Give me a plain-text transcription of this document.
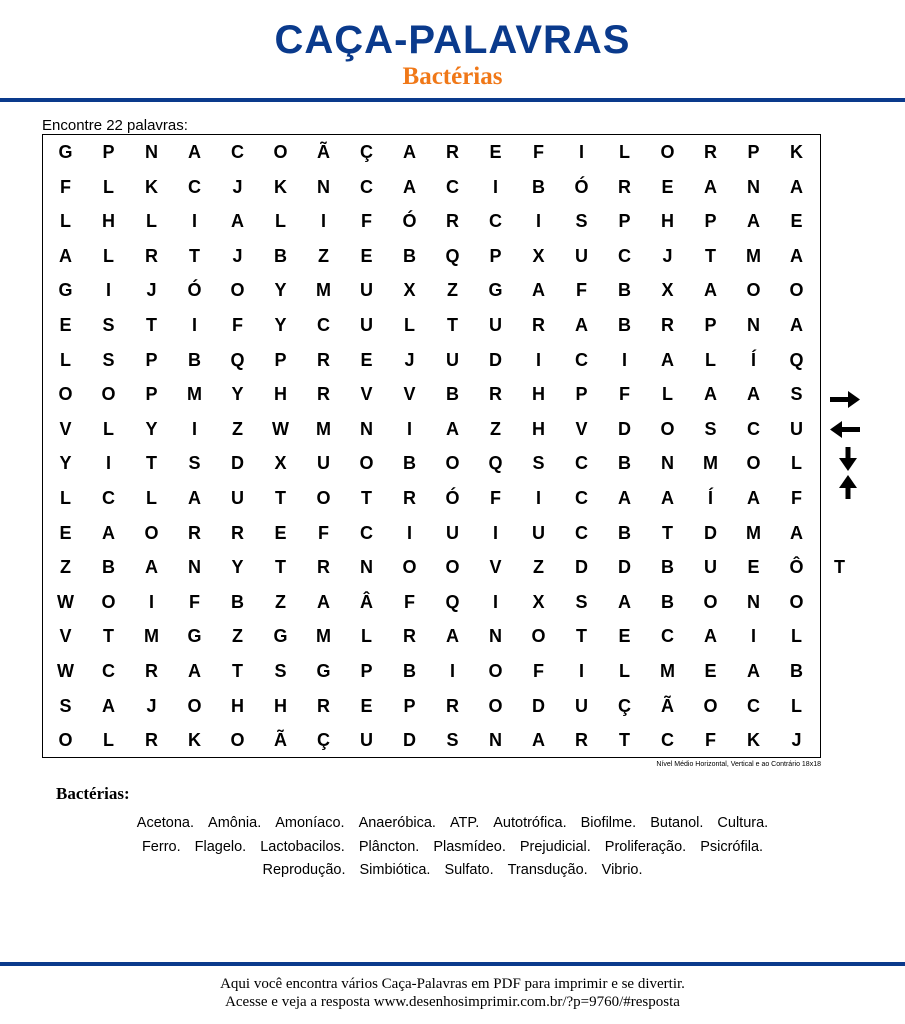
CAÇA-PALAVRAS
Bactérias
Encontre 22 palavras:
G	P	N	A	C	O	Ã	Ç	A	R	E	F	I	L	O	R	P	K
F	L	K	C	J	K	N	C	A	C	I	B	Ó	R	E	A	N	A
L	H	L	I	A	L	I	F	Ó	R	C	I	S	P	H	P	A	E
A	L	R	T	J	B	Z	E	B	Q	P	X	U	C	J	T	M	A
G	I	J	Ó	O	Y	M	U	X	Z	G	A	F	B	X	A	O	O
E	S	T	I	F	Y	C	U	L	T	U	R	A	B	R	P	N	A
L	S	P	B	Q	P	R	E	J	U	D	I	C	I	A	L	Í	Q
O	O	P	M	Y	H	R	V	V	B	R	H	P	F	L	A	A	S
V	L	Y	I	Z	W	M	N	I	A	Z	H	V	D	O	S	C	U
Y	I	T	S	D	X	U	O	B	O	Q	S	C	B	N	M	O	L
L	C	L	A	U	T	O	T	R	Ó	F	I	C	A	A	Í	A	F
E	A	O	R	R	E	F	C	I	U	I	U	C	B	T	D	M	A
Z	B	A	N	Y	T	R	N	O	O	V	Z	D	D	B	U	E	Ô	T
W	O	I	F	B	Z	A	Â	F	Q	I	X	S	A	B	O	N	O
V	T	M	G	Z	G	M	L	R	A	N	O	T	E	C	A	I	L
W	C	R	A	T	S	G	P	B	I	O	F	I	L	M	E	A	B
S	A	J	O	H	H	R	E	P	R	O	D	U	Ç	Ã	O	C	L
O	L	R	K	O	Ã	Ç	U	D	S	N	A	R	T	C	F	K	J
Nível Médio Horizontal, Vertical e ao Contrário 18x18
Bactérias:
Acetona. Amônia. Amoníaco. Anaeróbica. ATP. Autotrófica. Biofilme. Butanol. Cultura.
Ferro. Flagelo. Lactobacilos. Plâncton. Plasmídeo. Prejudicial. Proliferação. Psicrófila.
Reprodução. Simbiótica. Sulfato. Transdução. Vibrio.
Aqui você encontra vários Caça-Palavras em PDF para imprimir e se divertir.
Acesse e veja a resposta www.desenhosimprimir.com.br/?p=9760/#resposta
